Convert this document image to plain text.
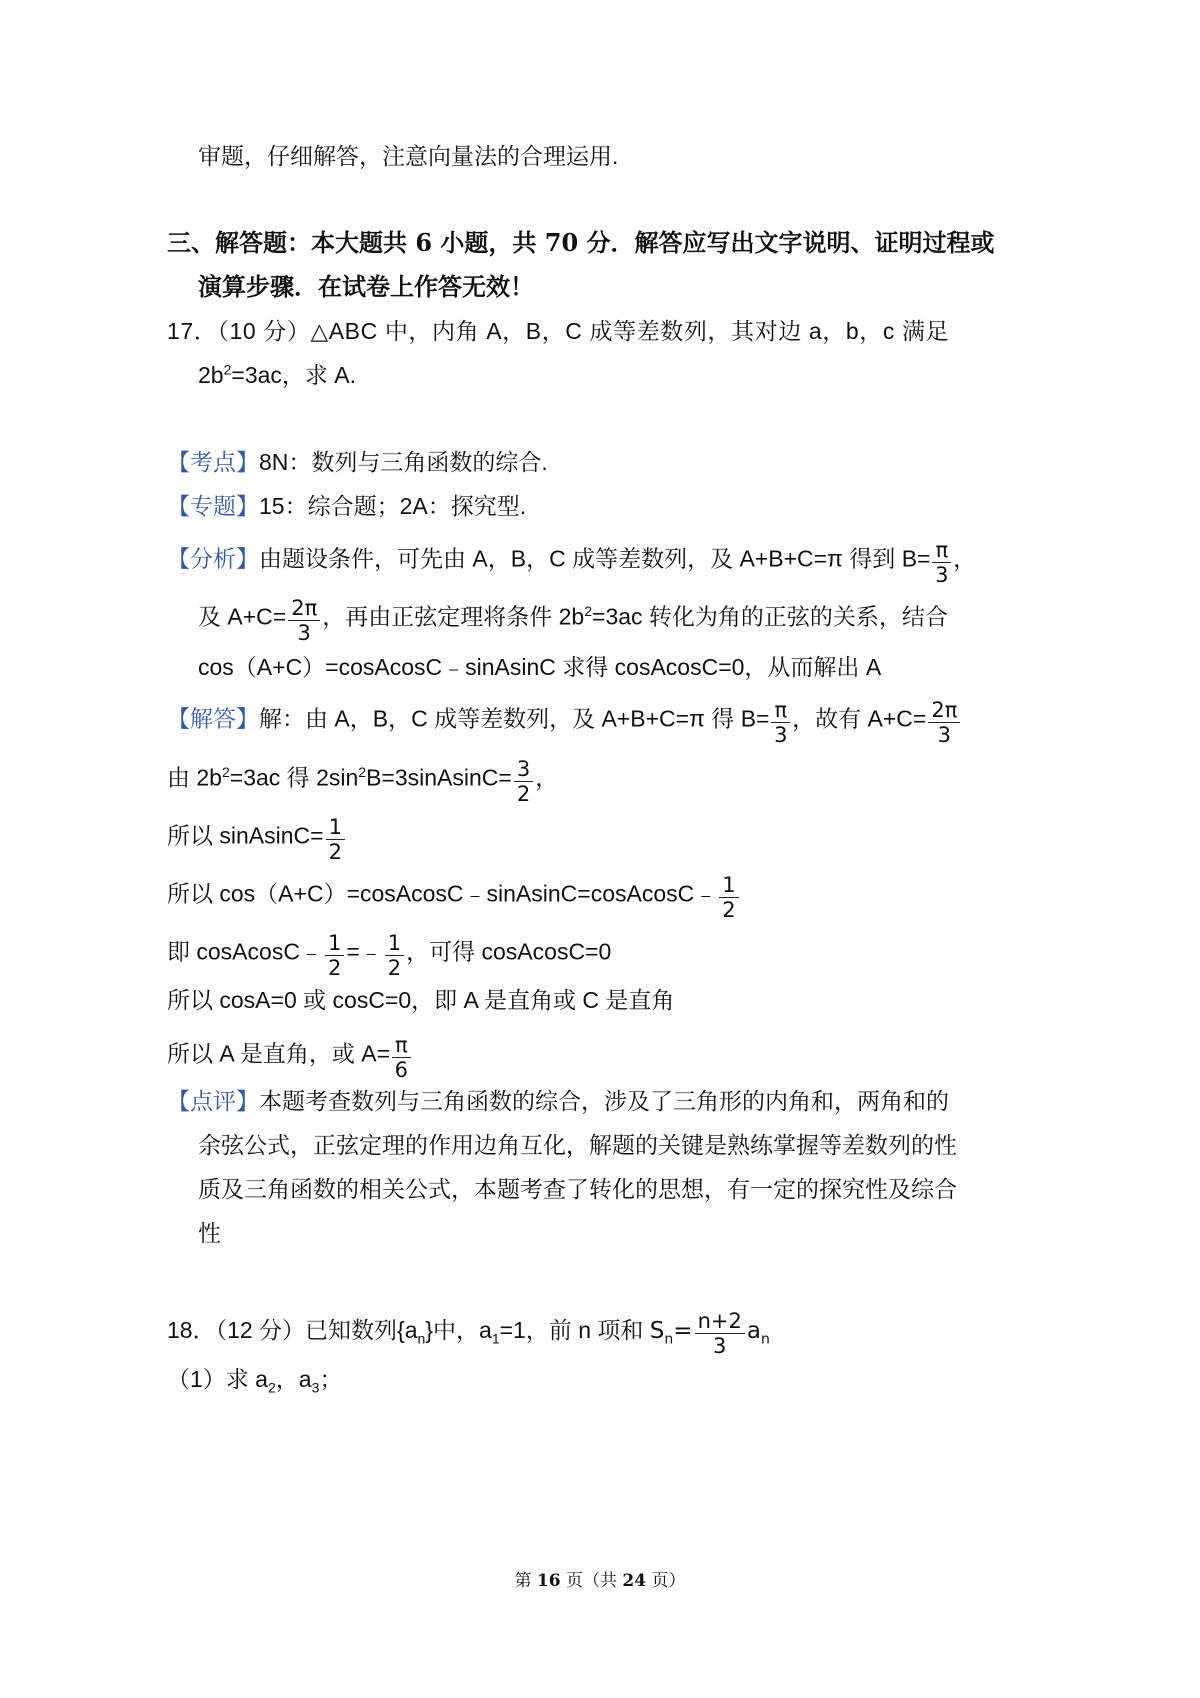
审题，仔细解答，注意向量法的合理运用.
三、解答题：本大题共 6 小题，共 70 分．解答应写出文字说明、证明过程或
演算步骤．在试卷上作答无效！
17．（10 分）△ABC 中，内角 A，B，C 成等差数列，其对边 a，b，c 满足
$2b^2=3ac$，求 A.
【考点】8N：数列与三角函数的综合.
【专题】15：综合题；2A：探究型.
【分析】由题设条件，可先由 A，B，C 成等差数列，及 A+B+C=π 得到 $B= \frac{\pi}{3}$ ，
及 $A+C= \frac{2\pi}{3}$ ，再由正弦定理将条件 $2b^2=3ac$ 转化为角的正弦的关系，结合
cos（A+C）=cosAcosC﹣sinAsinC 求得 cosAcosC=0，从而解出 A
【解答】解：由 A，B，C 成等差数列，及 A+B+C=π 得 $B= \frac{\pi}{3}$ ，故有 $A+C= \frac{2\pi}{3}$
由 $2b^2=3ac$ 得 $2\sin^2B=3sinAsinC= \frac{3}{2}$ ，
所以 sinAsinC= $\frac{1}{2}$
所以 cos（A+C）=cosAcosC﹣sinAsinC=cosAcosC﹣ $\frac{1}{2}$
即 cosAcosC﹣ $\frac{1}{2}$ =﹣ $\frac{1}{2}$ ，可得 cosAcosC=0
所以 cosA=0 或 cosC=0，即 A 是直角或 C 是直角
所以 A 是直角，或 $A= \frac{\pi}{6}$
【点评】本题考查数列与三角函数的综合，涉及了三角形的内角和，两角和的
余弦公式，正弦定理的作用边角互化，解题的关键是熟练掌握等差数列的性
质及三角函数的相关公式，本题考查了转化的思想，有一定的探究性及综合
性
18．（12 分）已知数列$\{a_n\}$中，$a_1=1$，前 n 项和 $S_n= \frac{n+2}{3} a_n$
（1）求 $a_2$，$a_3$；
第 16 页（共 24 页）
